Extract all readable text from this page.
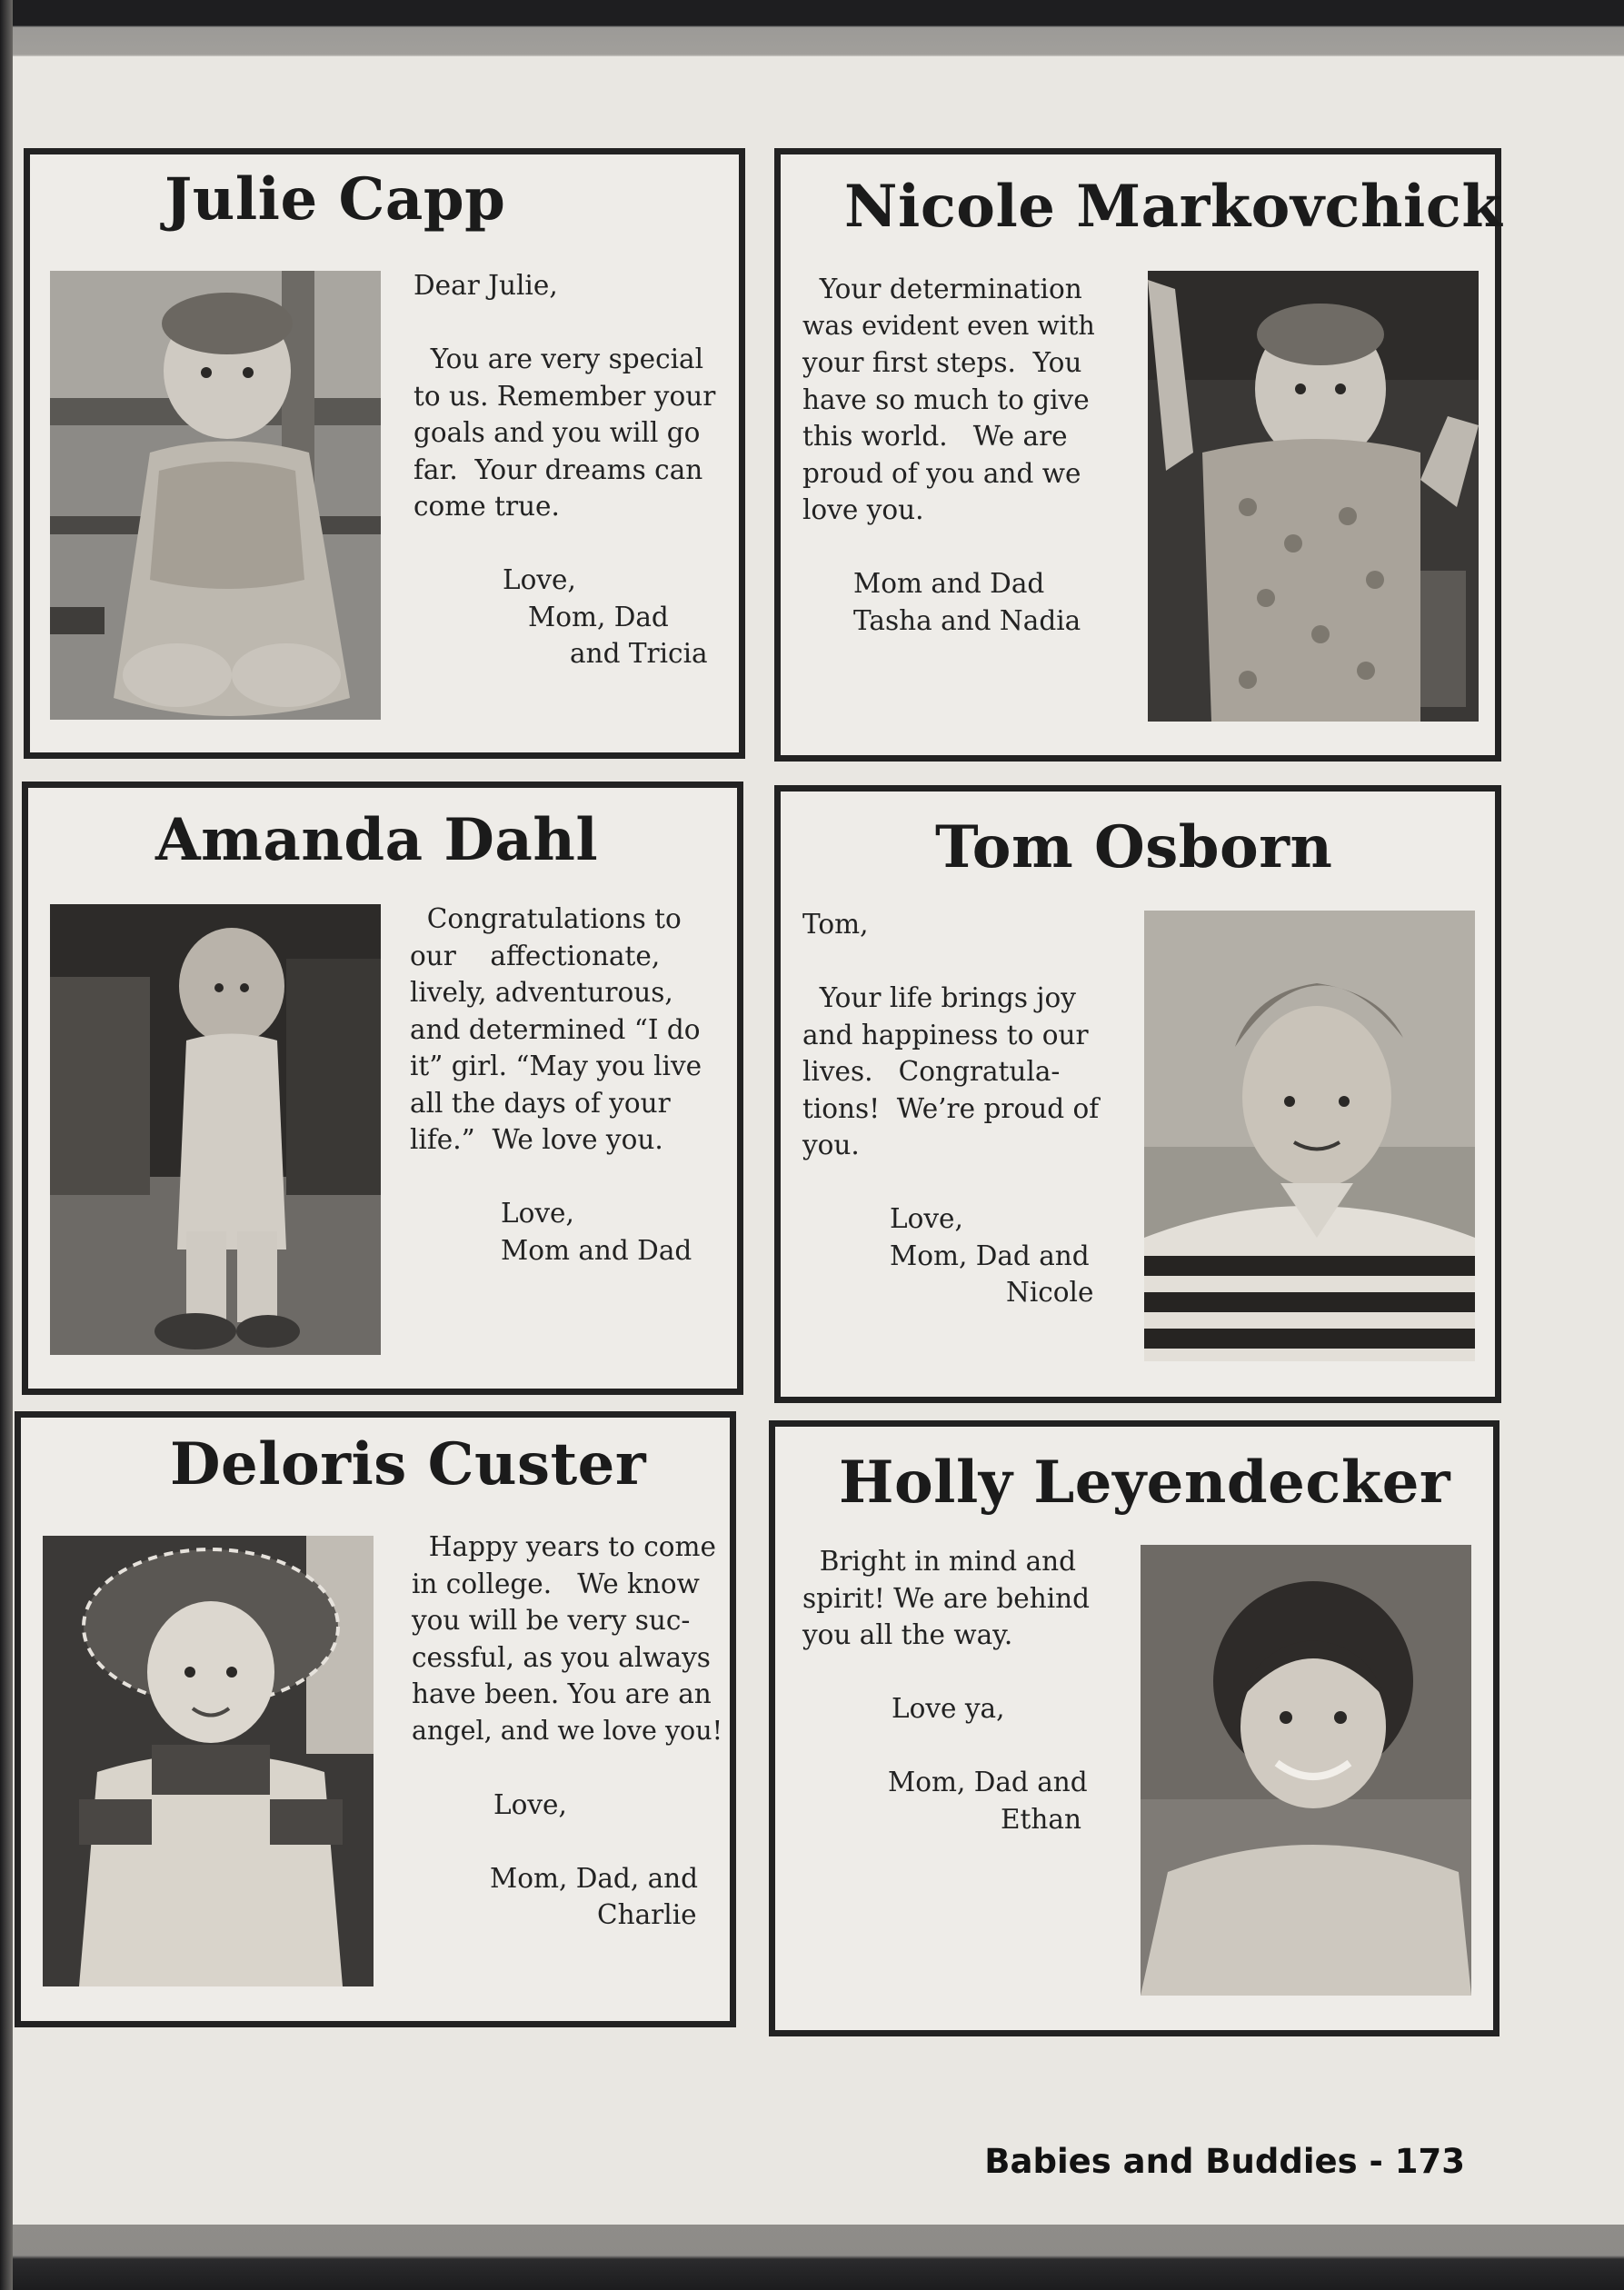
Julie Capp

Dear Julie,

You are very special

to us. Remember your

goals and you will go

far.  Your dreams can

come true.

Love,

Mom, Dad

and Tricia

Nicole Markovchick

Your determination

was evident even with

your first steps.  You

have so much to give

this world.   We are

proud of you and we

love you.

Mom and Dad

Tasha and Nadia

Amanda Dahl

Congratulations to

our    affectionate,

lively, adventurous,

and determined “I do

it” girl. “May you live

all the days of your

life.”  We love you.

Love,

Mom and Dad

Tom Osborn

Tom,

Your life brings joy

and happiness to our

lives.   Congratula-

tions!  We’re proud of

you.

Love,

Mom, Dad and

Nicole

Deloris Custer

Happy years to come

in college.   We know

you will be very suc-

cessful, as you always

have been. You are an

angel, and we love you!

Love,

Mom, Dad, and

Charlie

Holly Leyendecker

Bright in mind and

spirit! We are behind

you all the way.

Love ya,

Mom, Dad and

Ethan

Babies and Buddies - 173
